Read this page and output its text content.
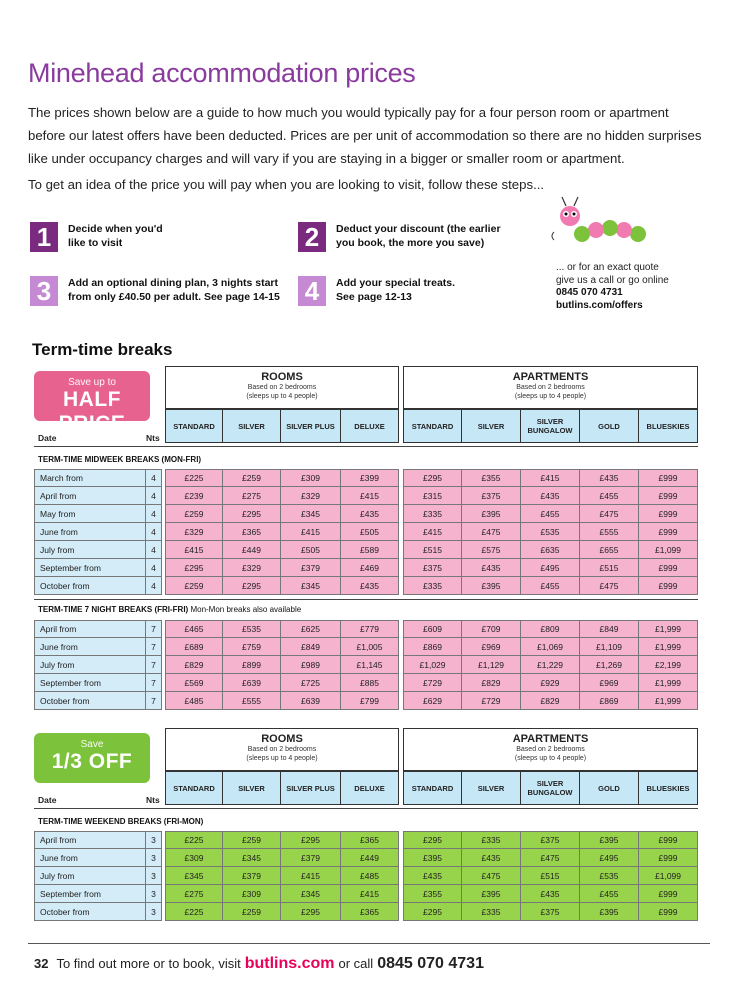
Minehead accommodation prices

The prices shown below are a guide to how much you would typically pay for a four person room or apartment before our latest offers have been deducted. Prices are per unit of accommodation so there are no hidden surprises like under occupancy charges and will vary if you are staying in a bigger or smaller room or apartment.

To get an idea of the price you will pay when you are looking to visit, follow these steps...

1	Decide when you'd like to visit	2	Deduct your discount (the earlier you book, the more you save)
3	Add an optional dining plan, 3 nights start from only £40.50 per adult. See page 14-15 4	Add your special treats. See page 12-13
... or for an exact quote
give us a call or go online
0845 070 4731
butlins.com/offers
Term-time breaks
Save up to
HALF PRICE
ROOMS
Based on 2 bedrooms
(sleeps up to 4 people)
APARTMENTS
Based on 2 bedrooms
(sleeps up to 4 people)
STANDARD	SILVER	SILVER PLUS	DELUXE	STANDARD	SILVER	SILVER BUNGALOW	GOLD	BLUESKIES
Date	Nts
TERM-TIME MIDWEEK BREAKS (MON-FRI)
March from	4	£225	£259	£309	£399	£295	£355	£415	£435	£999
April from	4	£239	£275	£329	£415	£315	£375	£435	£455	£999
May from	4	£259	£295	£345	£435	£335	£395	£455	£475	£999
June from	4	£329	£365	£415	£505	£415	£475	£535	£555	£999
July from	4	£415	£449	£505	£589	£515	£575	£635	£655	£1,099
September from	4	£295	£329	£379	£469	£375	£435	£495	£515	£999
October from	4	£259	£295	£345	£435	£335	£395	£455	£475	£999
TERM-TIME 7 NIGHT BREAKS (FRI-FRI) Mon-Mon breaks also available
April from	7	£465	£535	£625	£779	£609	£709	£809	£849	£1,999
June from	7	£689	£759	£849	£1,005	£869	£969	£1,069	£1,109	£1,999
July from	7	£829	£899	£989	£1,145	£1,029	£1,129	£1,229	£1,269	£2,199
September from	7	£569	£639	£725	£885	£729	£829	£929	£969	£1,999
October from	7	£485	£555	£639	£799	£629	£729	£829	£869	£1,999
Save
1/3 OFF
ROOMS
Based on 2 bedrooms
(sleeps up to 4 people)
APARTMENTS
Based on 2 bedrooms
(sleeps up to 4 people)
STANDARD	SILVER	SILVER PLUS	DELUXE	STANDARD	SILVER	SILVER BUNGALOW	GOLD	BLUESKIES
Date	Nts
TERM-TIME WEEKEND BREAKS (FRI-MON)
April from	3	£225	£259	£295	£365	£295	£335	£375	£395	£999
June from	3	£309	£345	£379	£449	£395	£435	£475	£495	£999
July from	3	£345	£379	£415	£485	£435	£475	£515	£535	£1,099
September from	3	£275	£309	£345	£415	£355	£395	£435	£455	£999
October from	3	£225	£259	£295	£365	£295	£335	£375	£395	£999
32 To find out more or to book, visit butlins.com or call 0845 070 4731
